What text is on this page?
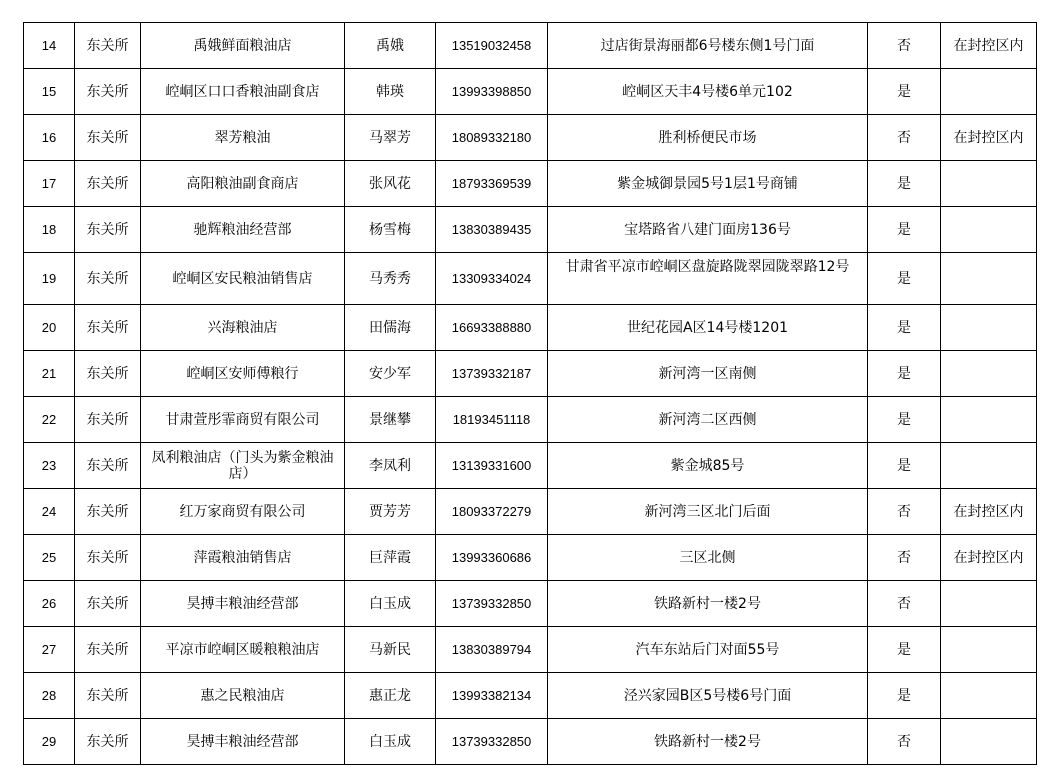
14	东关所	禹娥鲜面粮油店	禹娥	13519032458	过店街景海丽都6号楼东侧1号门面	否	在封控区内
15	东关所	崆峒区口口香粮油副食店	韩瑛	13993398850	崆峒区天丰4号楼6单元102	是	
16	东关所	翠芳粮油	马翠芳	18089332180	胜利桥便民市场	否	在封控区内
17	东关所	高阳粮油副食商店	张风花	18793369539	紫金城御景园5号1层1号商铺	是	
18	东关所	驰辉粮油经营部	杨雪梅	13830389435	宝塔路省八建门面房136号	是	
19	东关所	崆峒区安民粮油销售店	马秀秀	13309334024	甘肃省平凉市崆峒区盘旋路陇翠园陇翠路12号	是	
20	东关所	兴海粮油店	田儒海	16693388880	世纪花园A区14号楼1201	是	
21	东关所	崆峒区安师傅粮行	安少军	13739332187	新河湾一区南侧	是	
22	东关所	甘肃萱彤霏商贸有限公司	景继攀	18193451118	新河湾二区西侧	是	
23	东关所	凤利粮油店（门头为紫金粮油店）	李凤利	13139331600	紫金城85号	是	
24	东关所	红万家商贸有限公司	贾芳芳	18093372279	新河湾三区北门后面	否	在封控区内
25	东关所	萍霞粮油销售店	巨萍霞	13993360686	三区北侧	否	在封控区内
26	东关所	昊搏丰粮油经营部	白玉成	13739332850	铁路新村一楼2号	否	
27	东关所	平凉市崆峒区暖粮粮油店	马新民	13830389794	汽车东站后门对面55号	是	
28	东关所	惠之民粮油店	惠正龙	13993382134	泾兴家园B区5号楼6号门面	是	
29	东关所	昊搏丰粮油经营部	白玉成	13739332850	铁路新村一楼2号	否	
